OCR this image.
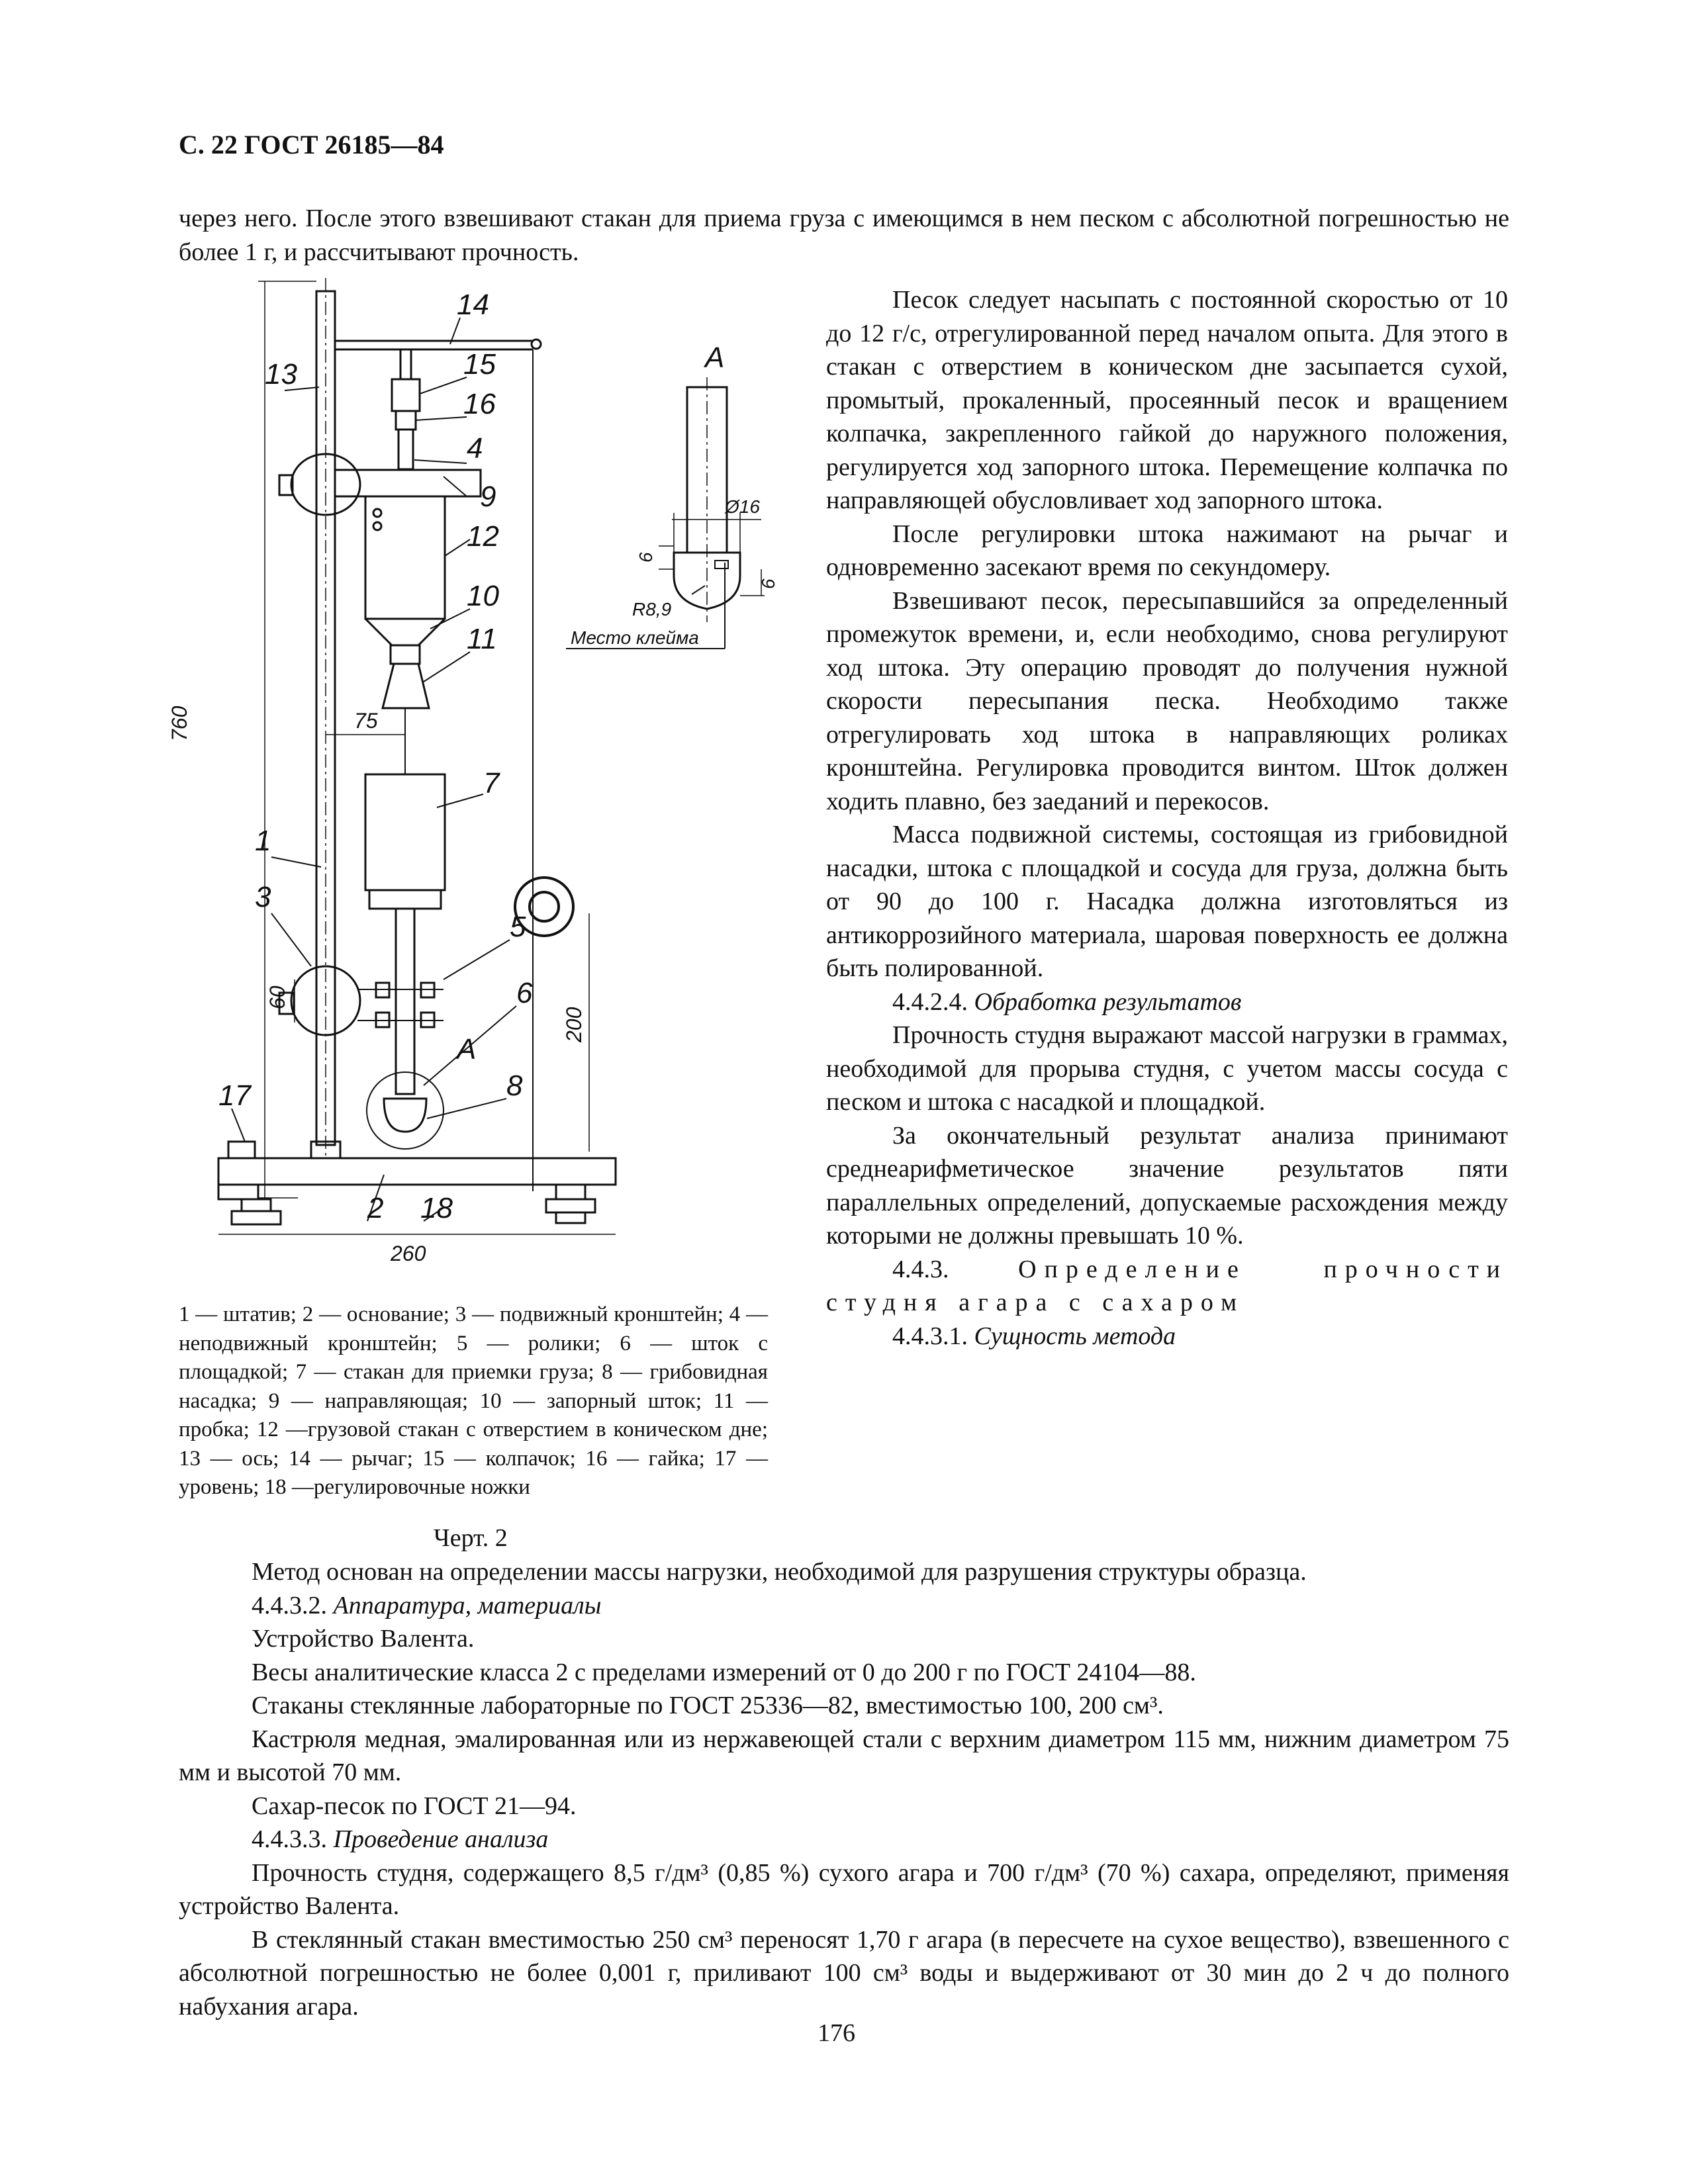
С. 22 ГОСТ 26185—84
через него. После этого взвешивают стакан для приема груза с имеющимся в нем песком с абсолютной погрешностью не более 1 г, и рассчитывают прочность.
9
13
14
15
16
4
12
10
11
7
1
3
5
6
A
8
17
2 18
A
760	75
60
200
260
Ø16
6
6
R8,9
Место клейма

Песок следует насыпать с постоянной скоростью от 10 до 12 г/с, отрегулированной перед началом опыта. Для этого в стакан с отверстием в коническом дне засыпается сухой, промытый, прокаленный, просеянный песок и вращением колпачка, закрепленного гайкой до наружного положения, регулируется ход запорного штока. Перемещение колпачка по направляющей обусловливает ход запорного штока.

После регулировки штока нажимают на рычаг и одновременно засекают время по секундомеру.

Взвешивают песок, пересыпавшийся за определенный промежуток времени, и, если необходимо, снова регулируют ход штока. Эту операцию проводят до получения нужной скорости пересыпания песка. Необходимо также отрегулировать ход штока в направляющих роликах кронштейна. Регулировка проводится винтом. Шток должен ходить плавно, без заеданий и перекосов.

Масса подвижной системы, состоящая из грибовидной насадки, штока с площадкой и сосуда для груза, должна быть от 90 до 100 г. Насадка должна изготовляться из антикоррозийного материала, шаровая поверхность ее должна быть полированной.

4.4.2.4. Обработка результатов

Прочность студня выражают массой нагрузки в граммах, необходимой для прорыва студня, с учетом массы сосуда с песком и штока с насадкой и площадкой.

За окончательный результат анализа принимают среднеарифметическое значение результатов пяти параллельных определений, допускаемые расхождения между которыми не должны превышать 10 %.

4.4.3.	Определение прочности студня агара с сахаром

4.4.3.1. Сущность метода

1 — штатив; 2 — основание; 3 — подвижный кронштейн; 4 — неподвижный кронштейн; 5 — ролики; 6 — шток с площадкой; 7 — стакан для приемки груза; 8 — грибовидная насадка; 9 — направляющая; 10 — запорный шток; 11 — пробка; 12 —грузовой стакан с отверстием в коническом дне; 13 — ось; 14 — рычаг; 15 — колпачок; 16 — гайка; 17 — уровень; 18 —регулировочные ножки
Черт. 2

Метод основан на определении массы нагрузки, необходимой для разрушения структуры образца.

4.4.3.2. Аппаратура, материалы

Устройство Валента.

Весы аналитические класса 2 с пределами измерений от 0 до 200 г по ГОСТ 24104—88.

Стаканы стеклянные лабораторные по ГОСТ 25336—82, вместимостью 100, 200 см³.

Кастрюля медная, эмалированная или из нержавеющей стали с верхним диаметром 115 мм, нижним диаметром 75 мм и высотой 70 мм.

Сахар-песок по ГОСТ 21—94.

4.4.3.3. Проведение анализа

Прочность студня, содержащего 8,5 г/дм³ (0,85 %) сухого агара и 700 г/дм³ (70 %) сахара, определяют, применяя устройство Валента.

В стеклянный стакан вместимостью 250 см³ переносят 1,70 г агара (в пересчете на сухое вещество), взвешенного с абсолютной погрешностью не более 0,001 г, приливают 100 см³ воды и выдерживают от 30 мин до 2 ч до полного набухания агара.

176
